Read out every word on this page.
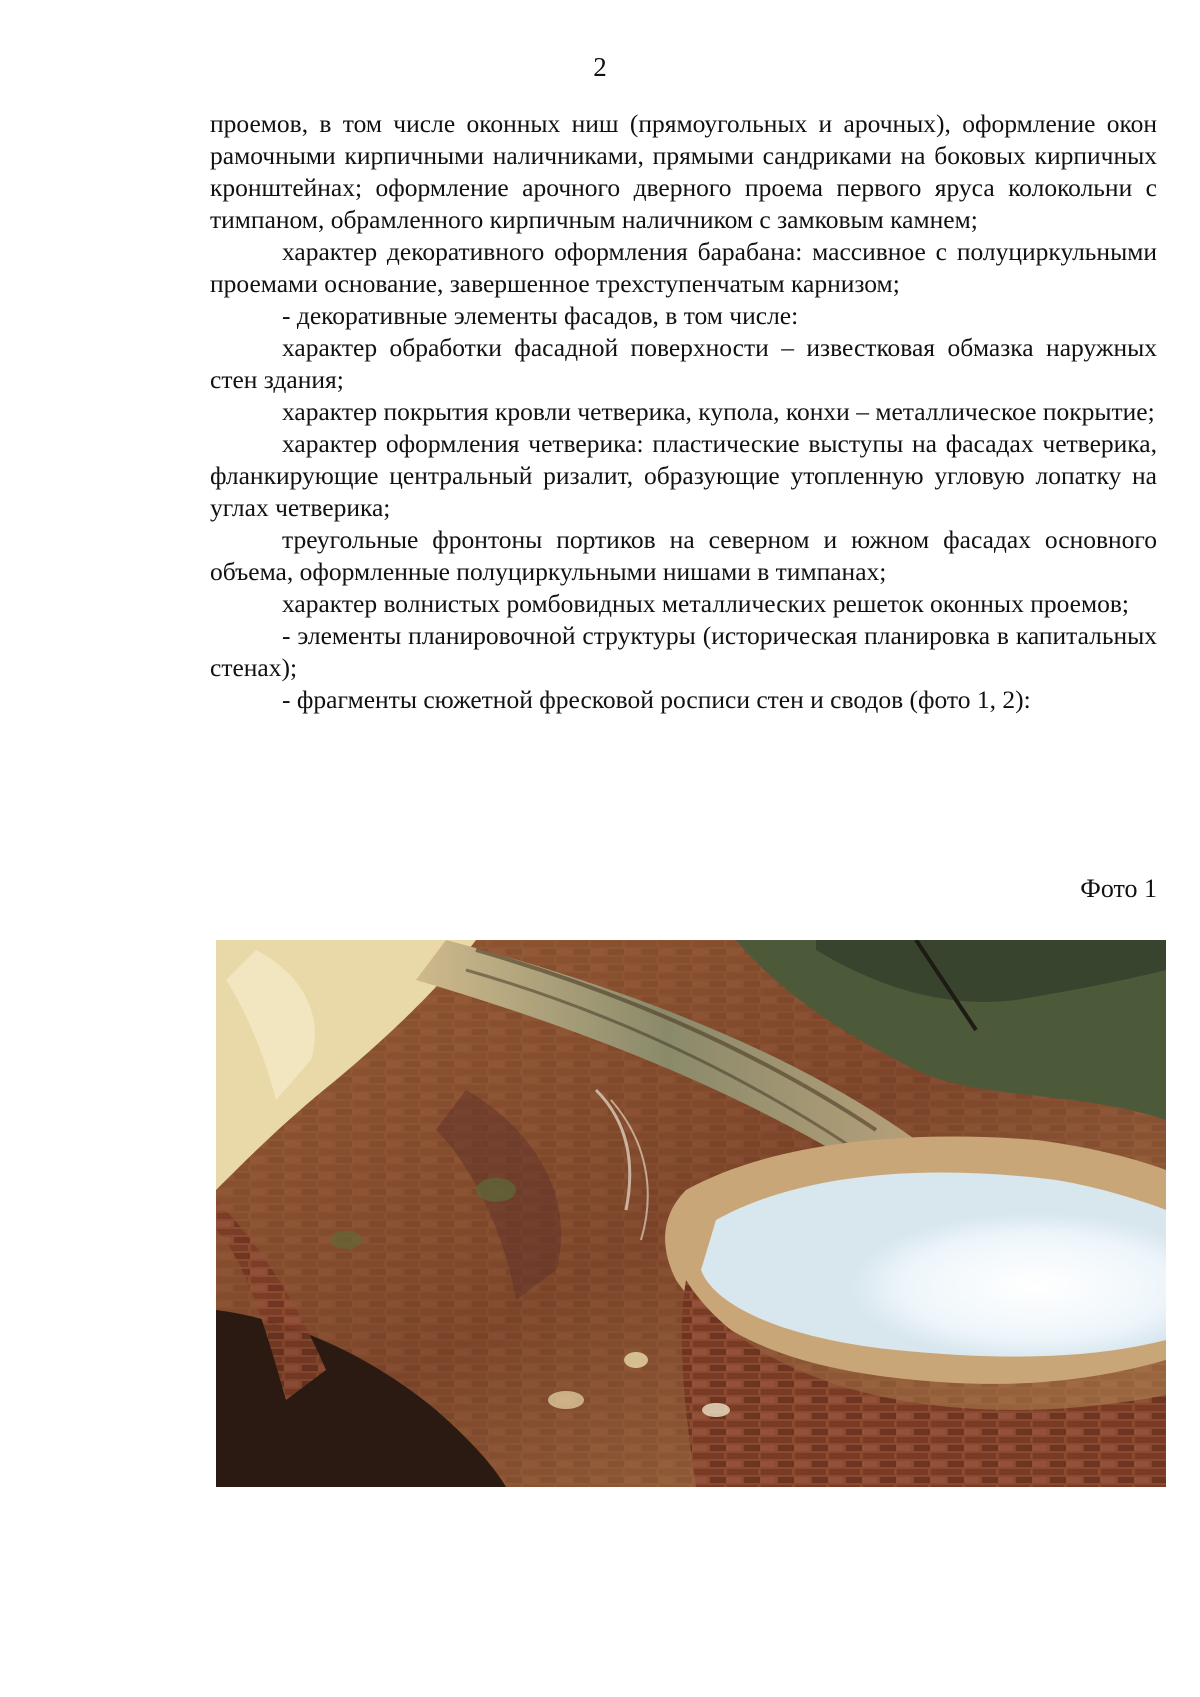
2

проемов, в том числе оконных ниш (прямоугольных и арочных), оформление окон рамочными кирпичными наличниками, прямыми сандриками на боковых кирпичных кронштейнах; оформление арочного дверного проема первого яруса колокольни с тимпаном, обрамленного кирпичным наличником с замковым камнем;

характер декоративного оформления барабана: массивное с полуциркульными проемами основание, завершенное трехступенчатым карнизом;

- декоративные элементы фасадов, в том числе:

характер обработки фасадной поверхности – известковая обмазка наружных стен здания;

характер покрытия кровли четверика, купола, конхи – металлическое покрытие;

характер оформления четверика: пластические выступы на фасадах четверика, фланкирующие центральный ризалит, образующие утопленную угловую лопатку на углах четверика;

треугольные фронтоны портиков на северном и южном фасадах основного объема, оформленные полуциркульными нишами в тимпанах;

характер волнистых ромбовидных металлических решеток оконных проемов;

- элементы планировочной структуры (историческая планировка в капитальных стенах);

- фрагменты сюжетной фресковой росписи стен и сводов (фото 1, 2):

Фото 1
